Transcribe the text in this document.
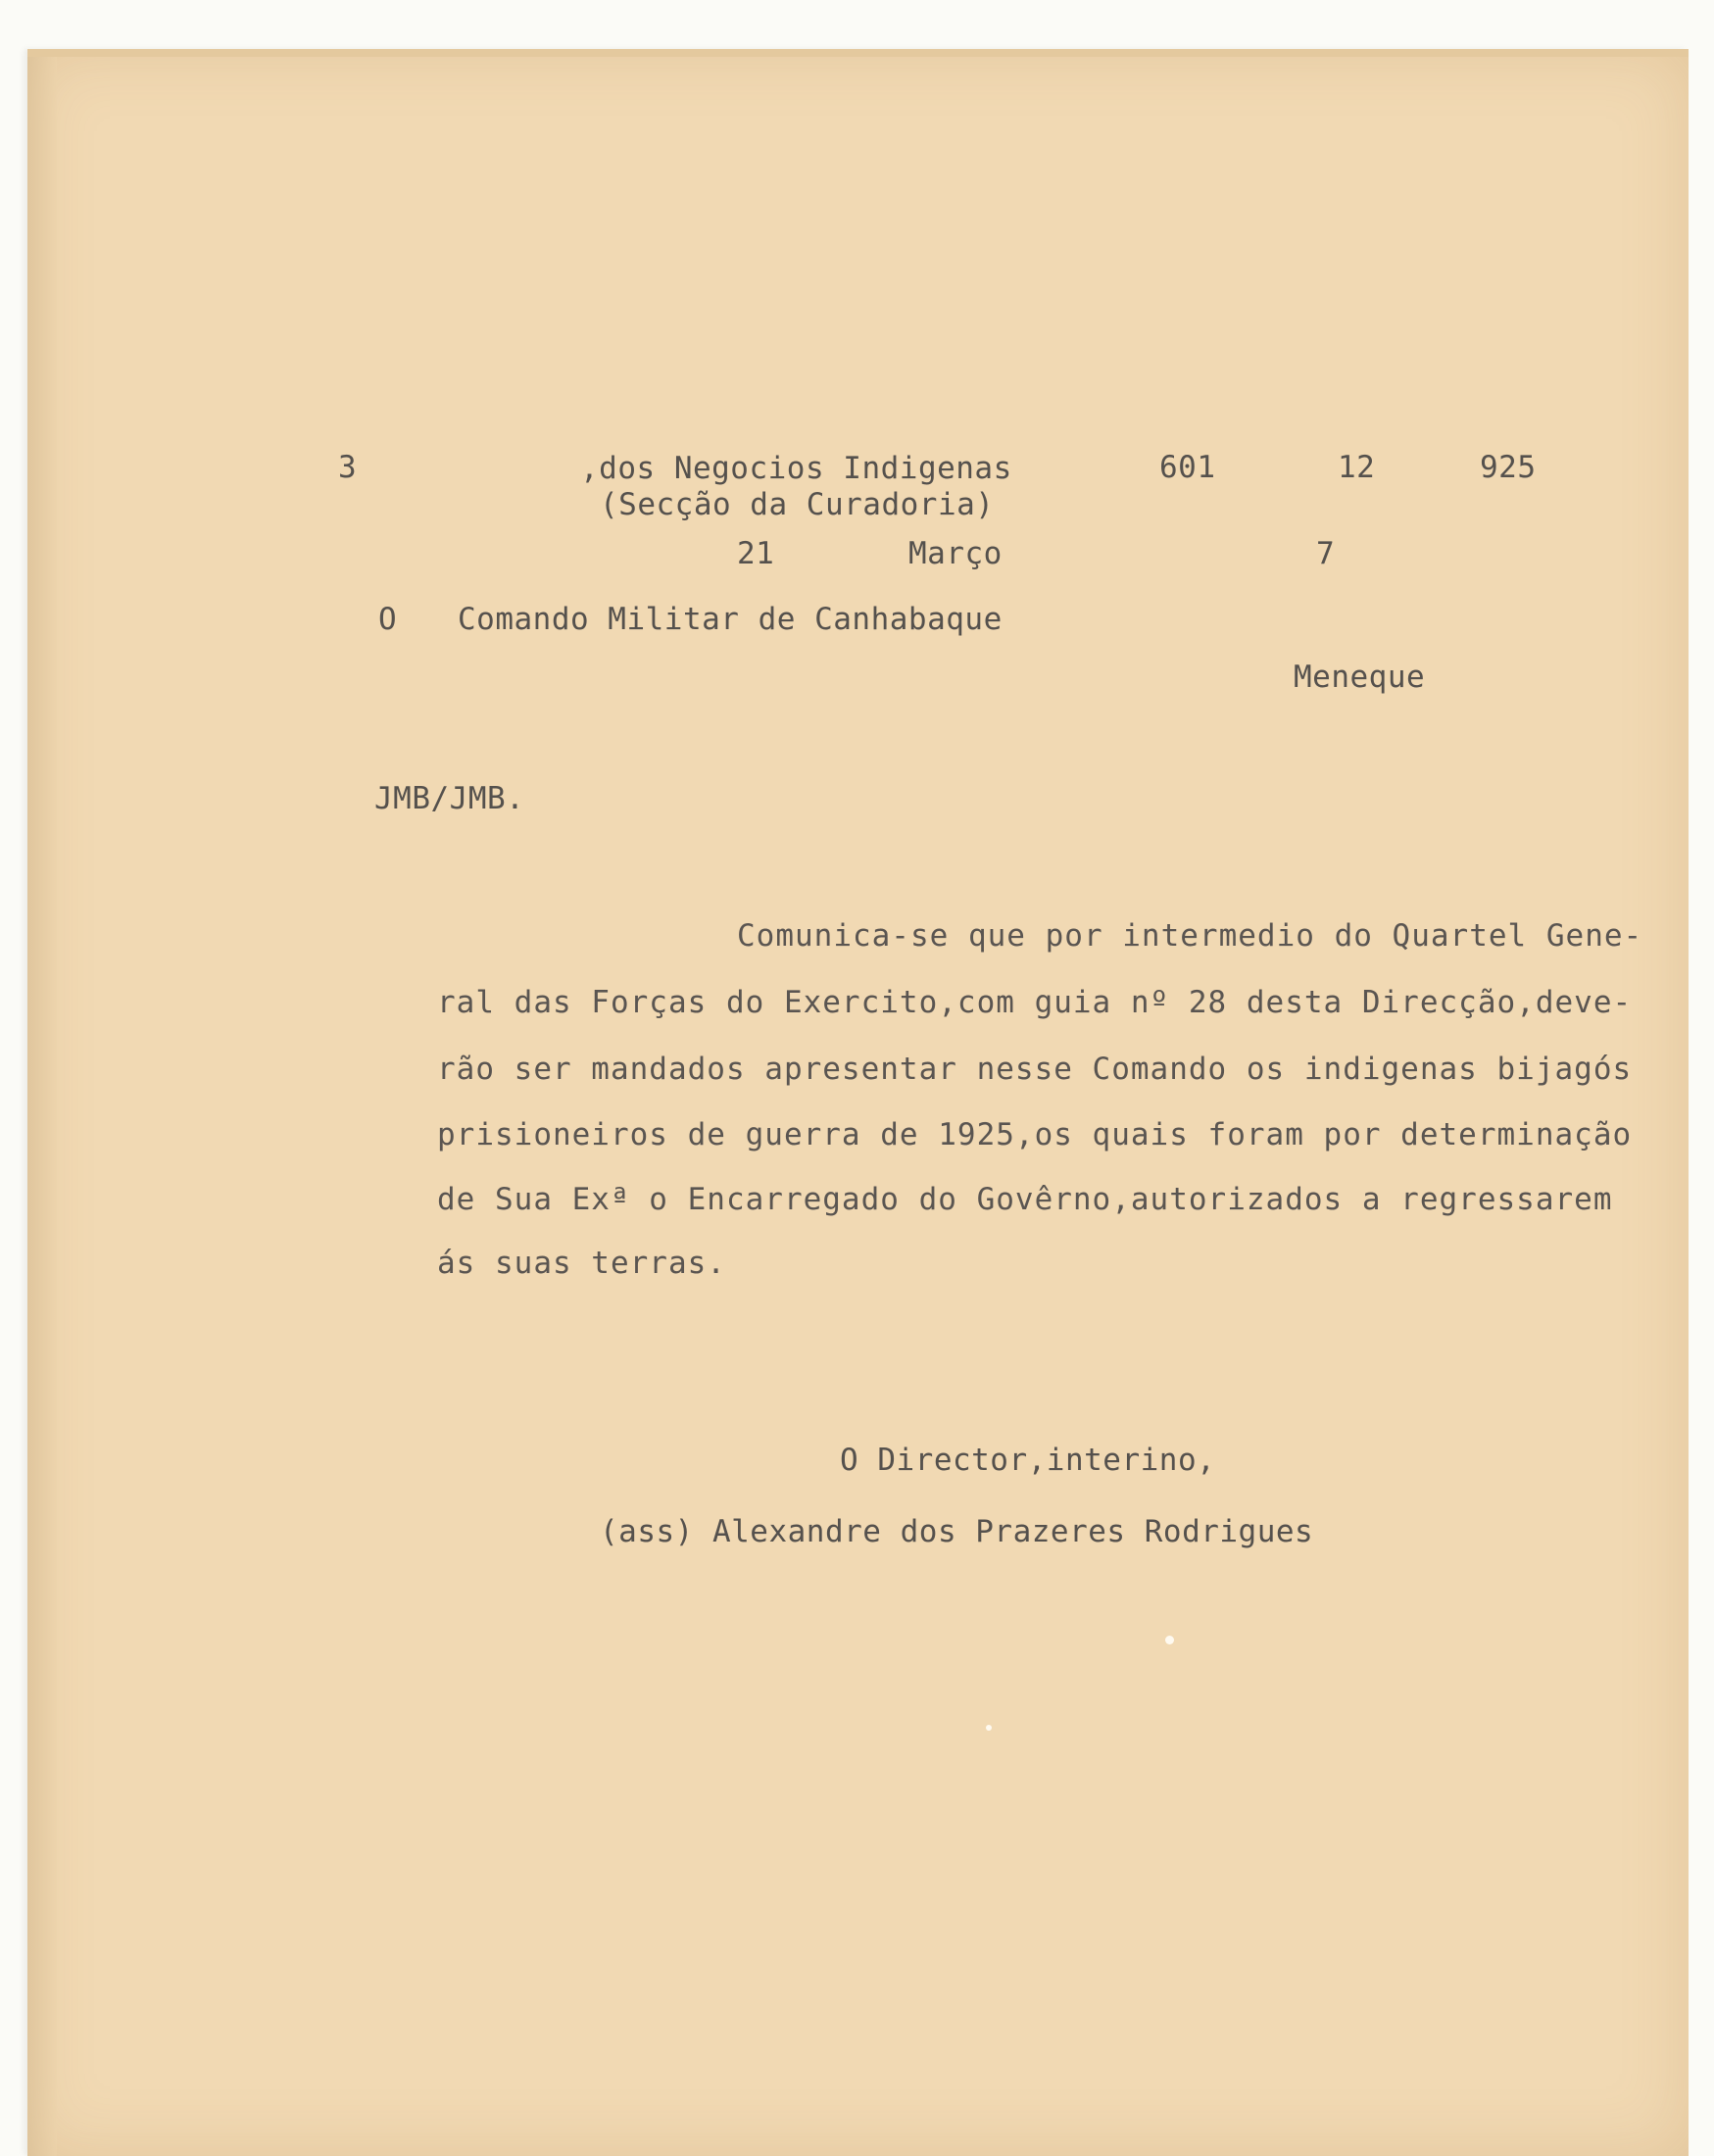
3	,dos Negocios Indigenas	601	12	925
(Secção da Curadoria)
21	Março	7
O Comando Militar de Canhabaque
Meneque
JMB/JMB.
Comunica-se que por intermedio do Quartel Gene-
ral das Forças do Exercito,com guia nº 28 desta Direcção,deve-
rão ser mandados apresentar nesse Comando os indigenas bijagós
prisioneiros de guerra de 1925,os quais foram por determinação
de Sua Exª o Encarregado do Govêrno,autorizados a regressarem
ás suas terras.
O Director,interino,
(ass) Alexandre dos Prazeres Rodrigues
